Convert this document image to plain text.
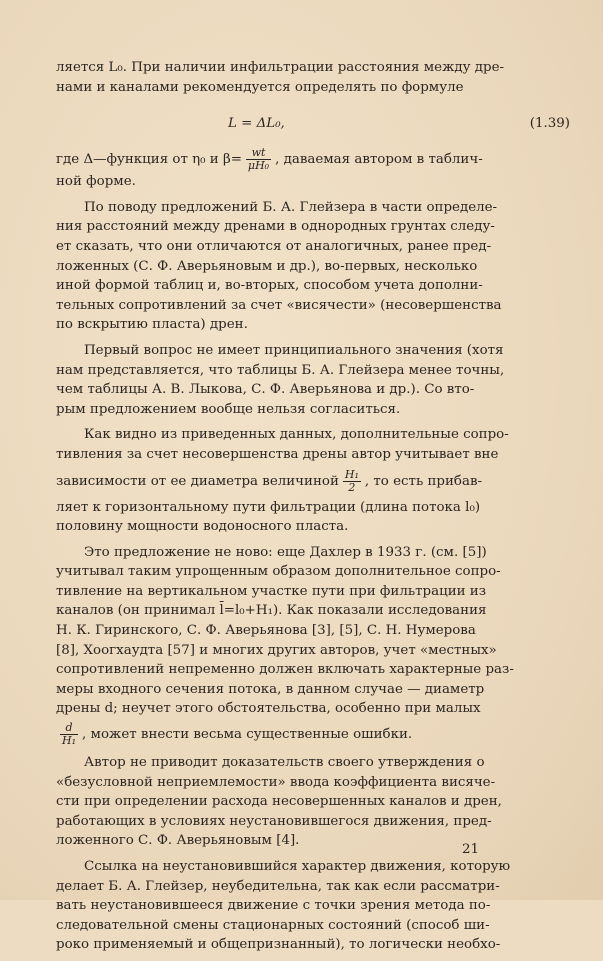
ляется L₀. При наличии инфильтрации расстояния между дре-
нами и каналами рекомендуется определять по формуле
L = ΔL₀,	(1.39)
где Δ—функция от η₀ и $\beta= \frac{wt}{\text{μH₀}}$ , даваемая автором в таблич-
ной форме.
По поводу предложений Б. А. Глейзера в части определе-
ния расстояний между дренами в однородных грунтах следу-
ет сказать, что они отличаются от аналогичных, ранее пред-
ложенных (С. Ф. Аверьяновым и др.), во-первых, несколько
иной формой таблиц и, во-вторых, способом учета дополни-
тельных сопротивлений за счет «висячести» (несовершенства
по вскрытию пласта) дрен.
Первый вопрос не имеет принципиального значения (хотя
нам представляется, что таблицы Б. А. Глейзера менее точны,
чем таблицы А. В. Лыкова, С. Ф. Аверьянова и др.). Со вто-
рым предложением вообще нельзя согласиться.
Как видно из приведенных данных, дополнительные сопро-
тивления за счет несовершенства дрены автор учитывает вне
зависимости от ее диаметра величиной $\frac{\text{H₁}}{2}$ , то есть прибав-
ляет к горизонтальному пути фильтрации (длина потока l₀)
половину мощности водоносного пласта.
Это предложение не ново: еще Дахлер в 1933 г. (см. [5])
учитывал таким упрощенным образом дополнительное сопро-
тивление на вертикальном участке пути при фильтрации из
каналов (он принимал l̄=l₀+H₁). Как показали исследования
Н. К. Гиринского, С. Ф. Аверьянова [3], [5], С. Н. Нумерова
[8], Хоогхаудта [57] и многих других авторов, учет «местных»
сопротивлений непременно должен включать характерные раз-
меры входного сечения потока, в данном случае — диаметр
дрены d; неучет этого обстоятельства, особенно при малых
$\frac{d}{\text{H₁}}$ , может внести весьма существенные ошибки.
Автор не приводит доказательств своего утверждения о
«безусловной неприемлемости» ввода коэффициента висяче-
сти при определении расхода несовершенных каналов и дрен,
работающих в условиях неустановившегося движения, пред-
ложенного С. Ф. Аверьяновым [4].
Ссылка на неустановившийся характер движения, которую
делает Б. А. Глейзер, неубедительна, так как если рассматри-
вать неустановившееся движение с точки зрения метода по-
следовательной смены стационарных состояний (способ ши-
роко применяемый и общепризнанный), то логически необхо-
21
